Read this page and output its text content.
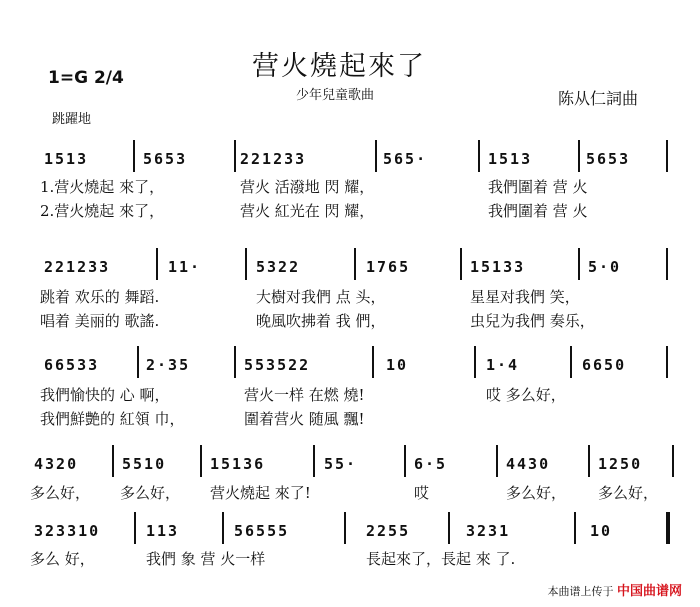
营火燒起來了
少年兒童歌曲	陈从仁詞曲
1=G 2/4
跳躍地
1513	5653	221233	565·	1513	5653
1.营火燒起 來了，	营火 活潑地 閃 耀，	我們圍着 营 火
2.营火燒起 來了，	营火 紅光在 閃 耀，	我們圍着 营 火
221233	11·	5322	1765	15133	5·0
跳着 欢乐的 舞蹈.	大樹对我們 点 头，	星星对我們 笑，
唱着 美丽的 歌謠.	晚風吹拂着 我 們，	虫兒为我們 奏乐，
66533	2·35	553522	10	1·4	6650
我們愉快的 心 啊，	营火一样 在燃 燒!	哎 多么好，
我們鮮艶的 紅領 巾，	圍着营火 随風 飄!
4320	5510	15136	55·	6·5	4430	1250
多么好， 多么好， 营火燒起 來了!	哎	多么好， 多么好，
323310	113	56555	2255	3231	10
多么 好，	我們 象 营 火一样	長起來了，長起 來 了.
本曲谱上传于 中国曲谱网
